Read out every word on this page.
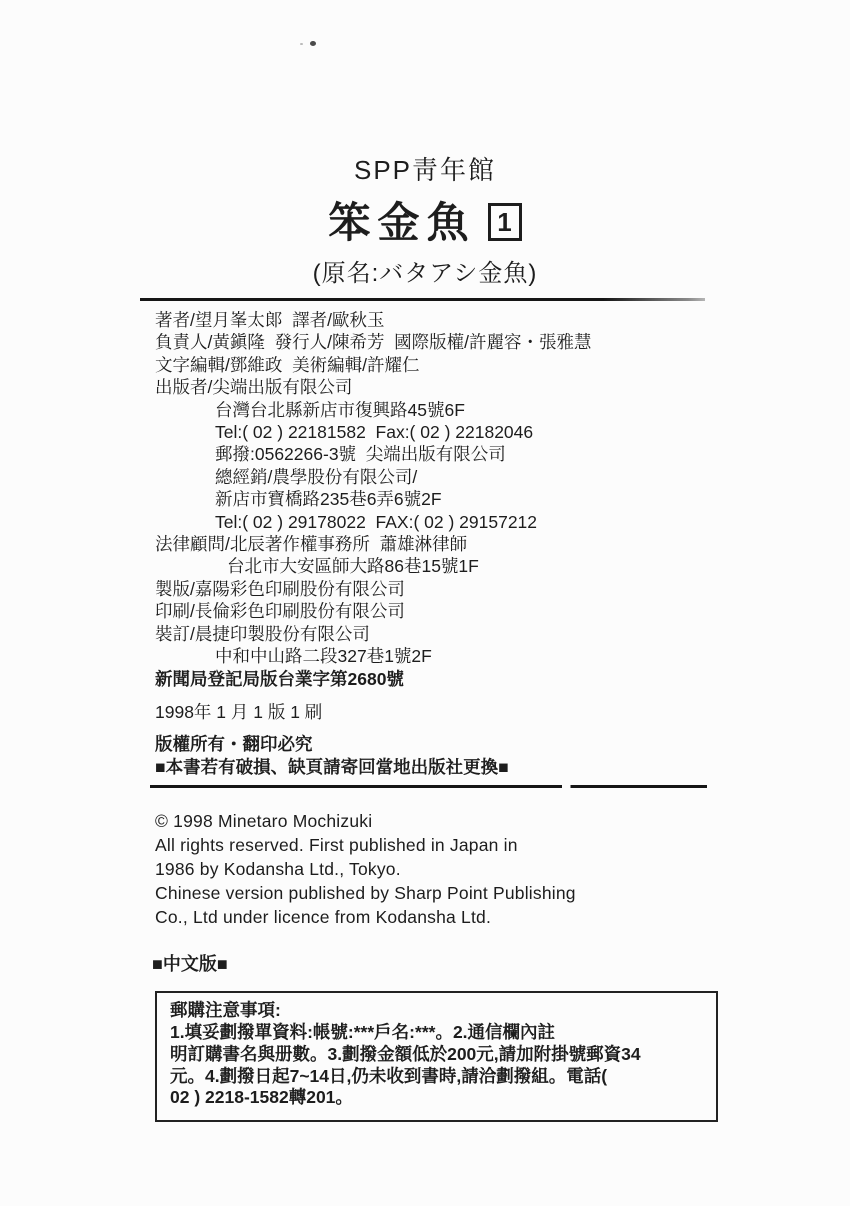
SPP靑年館
笨金魚 1
(原名:バタアシ金魚)
著者/望月峯太郞  譯者/歐秋玉
負責人/黃鎭隆  發行人/陳希芳  國際版權/許麗容・張雅慧
文字編輯/鄧維政  美術編輯/許耀仁
出版者/尖端出版有限公司
台灣台北縣新店市復興路45號6F
Tel:( 02 ) 22181582  Fax:( 02 ) 22182046
郵撥:0562266-3號  尖端出版有限公司
總經銷/農學股份有限公司/
新店市寶橋路235巷6弄6號2F
Tel:( 02 ) 29178022  FAX:( 02 ) 29157212
法律顧問/北辰著作權事務所  蕭雄淋律師
台北市大安區師大路86巷15號1F
製版/嘉陽彩色印刷股份有限公司
印刷/長倫彩色印刷股份有限公司
裝訂/晨捷印製股份有限公司
中和中山路二段327巷1號2F
新聞局登記局版台業字第2680號
1998年 1 月 1 版 1 刷
版權所有・翻印必究
■本書若有破損、缺頁請寄回當地出版社更換■
© 1998 Minetaro Mochizuki
All rights reserved. First published in Japan in
1986 by Kodansha Ltd., Tokyo.
Chinese version published by Sharp Point Publishing
Co., Ltd under licence from Kodansha Ltd.
■中文版■
郵購注意事項:
1.填妥劃撥單資料:帳號:***戶名:***。2.通信欄內註
明訂購書名與册數。3.劃撥金額低於200元,請加附掛號郵資34
元。4.劃撥日起7~14日,仍未收到書時,請洽劃撥組。電話(
02 ) 2218-1582轉201。
